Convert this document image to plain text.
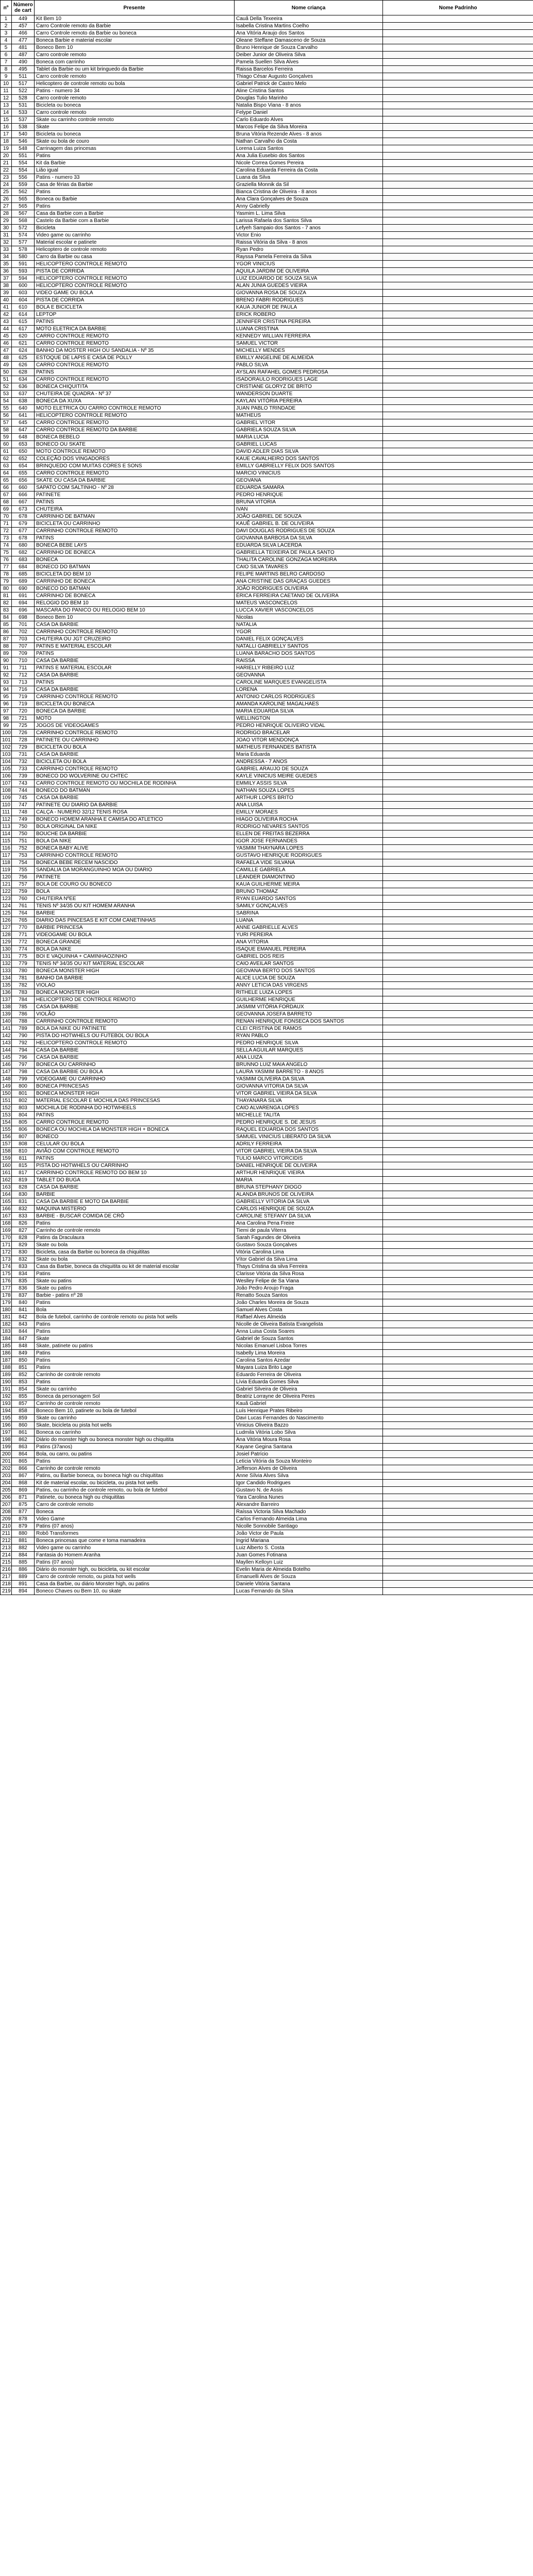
nº	Número de cart	Presente	Nome criança	Nome Padrinho
1	449	Kit Bem 10	Cauã Della Texeeira	
2	457	Carro Controle remoto da Barbie	Isabella Cristina Martins Coelho	
3	466	Carro Controle remoto da Barbie ou boneca	Ana Vitória Araujo dos Santos	
4	477	Boneca Barbie e material escolar	Oleane Steffane Damasceno de Souza	
5	481	Boneco Bem 10	Bruno Henrique de Souza Carvalho	
6	487	Carro controle remoto	Deiber Junior de Oliveira Silva	
7	490	Boneca com carrinho	Pamela Suellen Silva Alves	
8	495	Tablet da Barbie ou um kit bringuedo da Barbie	Raissa Barcelos Ferreira	
9	511	Carro controle remoto	Thiago César Augusto Gonçalves	
10	517	Helicoptero de controle remoto ou bola	Gabriel Patrick de Castro Melo	
11	522	Patins - numero 34	Aline Cristina Santos	
12	528	Carro controle remoto	Douglas Tulio Marinho	
13	531	Bicicleta ou boneca	Natalia Bispo Viana - 8 anos	
14	533	Carro controle remoto	Felype Daniel	
15	537	Skate ou carrinho controle remoto	Carlo Eduardo Alves	
16	538	Skate	Marcos Felipe da Silva Moreira	
17	540	Bicicleta ou boneca	Bruna Vitória Rezende Alves - 8 anos	
18	546	Skate ou bola de couro	Nathan Carvalho da Costa	
19	548	Carrinagem das princesas	Lorena Luiza Santos	
20	551	Patins	Ana Julia Eusebio dos Santos	
21	554	Kit da Barbie	Nicole Correa Gomes Pereira	
22	554	Lião igual	Carolina Eduarda Ferreira da Costa	
23	556	Patins - numero 33	Luana da Silva	
24	559	Casa de férias da Barbie	Graziella Monnik da Sil	
25	562	Patins	Bianca Cristina de Oliveira - 8 anos	
26	565	Boneca ou Barbie	Ana Clara Gonçalves de Souza	
27	565	Patins	Anny Gabrielly	
28	567	Casa da Barbie com a Barbie	Yasmim L. Lima Silva	
29	568	Castelo da Barbie com a Barbie	Larissa Rafaela dos Santos Silva	
30	572	Bicicleta	Lefyeh Sampaio dos Santos - 7 anos	
31	574	Video game ou carrinho	Victor Enio	
32	577	Material escolar e patinete	Raissa Vitória da Silva - 8 anos	
33	578	Helicoptero de controle remoto	Ryan Pedro	
34	580	Carro da Barbie ou casa	Rayssa Pamela Ferreira da Silva	
35	591	HELICOPTERO CONTROLE REMOTO	YGOR VINICIUS	
36	593	PISTA DE CORRIDA	AQUILA JARDIM DE OLIVEIRA	
37	594	HELICOPTERO CONTROLE REMOTO	LUIZ EDUARDO DE SOUZA SILVA	
38	600	HELICOPTERO CONTROLE REMOTO	ALAN JUNIA GUEDES VIEIRA	
39	603	VIDEO GAME OU BOLA	GIOVANNA ROSA DE SOUZA	
40	604	PISTA DE CORRIDA	BRENO FABRI RODRIGUES	
41	610	BOLA E BICICLETA	KAUA JUNIOR DE PAULA	
42	614	LEPTOP	ERICK ROBERO	
43	615	PATINS	JENNIFER CRISTINA PEREIRA	
44	617	MOTO ELETRICA DA BARBIE	LUANA CRISTINA	
45	620	CARRO CONTROLE REMOTO	KENNEDY WILLIAN FERREIRA	
46	621	CARRO CONTROLE REMOTO	SAMUEL VICTOR	
47	624	BANHO DA MOSTER HIGH OU SANDALIA - Nº 35	MICHELLY MENDES	
48	625	ESTOQUE DE LAPIS E CASA DE POLLY	EMILLY ANGELINE DE ALMEIDA	
49	626	CARRO CONTROLE REMOTO	PABLO SILVA	
50	628	PATINS	AYSLAN RAFAHEL GOMES PEDROSA	
51	634	CARRO CONTROLE REMOTO	ISADORAULO RODRIGUES LAGE	
52	636	BONECA CHIQUITITA	CRISTIANE GLORYZ DE BRITO	
53	637	CHUTEIRA DE QUADRA - Nº 37	WANDERSON DUARTE	
54	638	BONECA DA XUXA	KAYLAN VITÓRIA PEREIRA	
55	640	MOTO ELETRICA OU CARRO CONTROLE REMOTO	JUAN PABLO TRINDADE	
56	641	HELICOPTERO CONTROLE REMOTO	MATHEUS	
57	645	CARRO CONTROLE REMOTO	GABRIEL VITOR	
58	647	CARRO CONTROLE REMOTO DA BARBIE	GABRIELA SOUZA SILVA	
59	648	BONECA BEBELO	MARIA LUCIA	
60	653	BONECO OU SKATE	GABRIEL LUCAS	
61	650	MOTO CONTROLE REMOTO	DAVID ADLER DIAS SILVA	
62	652	COLEÇÃO DOS VINGADORES	KAUE CAVALHEIRO DOS SANTOS	
63	654	BRINQUEDO COM MUITAS CORES E SONS	EMILLY GABRIELLY FELIX DOS SANTOS	
64	655	CARRO CONTROLE REMOTO	MARCIO VINICIUS	
65	656	SKATE OU CASA DA BARBIE	GEOVANA	
66	660	SAPATO COM SALTINHO - Nº 28	EDUARDA SAMARA	
67	666	PATINETE	PEDRO HENRIQUE	
68	667	PATINS	BRUNA VITORIA	
69	673	CHUTEIRA	IVAN	
70	678	CARRINHO DE BATMAN	JOÃO GABRIEL DE SOUZA	
71	679	BICICLETA OU CARRINHO	KAUÊ GABRIEL B. DE OLIVEIRA	
72	677	CARRINHO CONTROLE REMOTO	DAVI DOUGLAS RODRIGUES DE SOUZA	
73	678	PATINS	GIOVANNA BARBOSA DA SILVA	
74	680	BONECA BEBE LAYS	EDUARDA SILVA LACERDA	
75	682	CARRINHO DE BONECA	GABRIELLA TEIXEIRA DE PAULA SANTO	
76	683	BONECA	THALITA CAROLINE GONZAGA MOREIRA	
77	684	BONECO DO BATMAN	CAIO SILVA TAVARES	
78	685	BICICLETA DO BEM 10	FELIPE MARTINS BELRO CARDOSO	
79	689	CARRINHO DE BONECA	ANA CRISTINE DAS GRAÇAS GUEDES	
80	690	BONECO DO BATMAN	JOÃO RODRIGUES OLIVEIRA	
81	691	CARRINHO DE BONECA	ÉRICA FERREIRA CAETANO DE OLIVEIRA	
82	694	RELOGIO DO BEM 10	MATEUS VASCONCELOS	
83	696	MASCARA DO PANICO OU RELOGIO BEM 10	LUCCA XAVIER VASCONCELOS	
84	698	Boneco Bem 10	Nicolas	
85	701	CASA DA BARBIE	NATALIA	
86	702	CARRINHO CONTROLE REMOTO	YGOR	
87	703	CHUTEIRA OU JGT CRUZEIRO	DANIEL FELIX GONÇALVES	
88	707	PATINS E MATERIAL ESCOLAR	NATALLI GABRIELLY SANTOS	
89	709	PATINS	LUANA BARACHO DOS SANTOS	
90	710	CASA DA BARBIE	RAISSA	
91	711	PATINS E MATERIAL ESCOLAR	HARIELLY RIBEIRO LUZ	
92	712	CASA DA BARBIE	GEOVANNA	
93	713	PATINS	CAROLINE MARQUES EVANGELISTA	
94	716	CASA DA BARBIE	LORENA	
95	719	CARRINHO CONTROLE REMOTO	ANTONIO CARLOS RODRIGUES	
96	719	BICICLETA OU BONECA	AMANDA KAROLINE MAGALHAES	
97	720	BONECA DA BARBIE	MARIA EDUARDA SILVA	
98	721	MOTO	WELLINGTON	
99	725	JOGOS DE VIDEOGAMES	PEDRO HENRIQUE OLIVEIRO VIDAL	
100	726	CARRINHO CONTROLE REMOTO	RODRIGO BRACELAR	
101	728	PATINETE OU CARRINHO	JOAO VITOR MENDONÇA	
102	729	BICICLETA OU BOLA	MATHEUS FERNANDES BATISTA	
103	731	CASA DA BARBIE	Maria Eduarda	
104	732	BICICLETA OU BOLA	ANDRESSA - 7 ANOS	
105	733	CARRINHO CONTROLE REMOTO	GABRIEL ARAUJO DE SOUZA	
106	739	BONECO DO WOLVERINE OU CHTEC	KAYLE VINICIUS MEIRE GUEDES	
107	743	CARRO CONTROLE REMOTO OU MOCHILA DE RODINHA	EMMILY ASSIS SILVA	
108	744	BONECO DO BATMAN	NATHAN SOUZA LOPES	
109	745	CASA DA BARBIE	ARTHUR LOPES BRITO	
110	747	PATINETE OU DIARIO DA BARBIE	ANA LUISA	
111	748	CALÇA - NUMERO 32/12 TENIS ROSA	EMILLY MORAES	
112	749	BONECO HOMEM ARANHA E CAMISA DO ATLETICO	HIAGO OLIVEIRA ROCHA	
113	750	BOLA ORIGINAL DA NIKE	RODRIGO NEVARES SANTOS	
114	750	BOUCHE DA BARBIE	ELLEN DE FREITAS BEZERRA	
115	751	BOLA DA NIKE	IGOR JOSE FERNANDES	
116	752	BONECA BABY ALIVE	YASMIM THAYNARA LOPES	
117	753	CARRINHO CONTROLE REMOTO	GUSTAVO HENRIQUE RODRIGUES	
118	754	BONECA BEBE RECEM NASCIDO	RAFAELA VIDE SILVANA	
119	755	SANDALIA DA MORANGUINHO MOA OU DIARIO	CAMILLE GABRIELA	
120	756	PATINETE	LEANDER DIAMONTINO	
121	757	BOLA DE COURO OU BONECO	KAUA GUILHERME MEIRA	
122	759	BOLA	BRUNO THOMAZ	
123	760	CHUTEIRA NºEE	RYAN EUARDO SANTOS	
124	761	TENIS Nº 34/35 OU KIT HOMEM ARANHA	SAMILY GONÇALVES	
125	764	BARBIE	SABRINA	
126	765	DIARIO DAS PINCESAS E KIT COM CANETINHAS	LUANA	
127	770	BARBIE PRINCESA	ANNE GABRIELLE ALVES	
128	771	VIDEOGAME OU BOLA	YURI PEREIRA	
129	772	BONECA GRANDE	ANA VITORIA	
130	774	BOLA DA NIKE	ISAQUE EMANUEL PEREIRA	
131	775	BOI E VAQUINHA + CAMINHAOZINHO	GABRIEL DOS REIS	
132	779	TENIS Nº 34/35 OU KIT MATERIAL ESCOLAR	CAIO AVEILAR SANTOS	
133	780	BONECA MONSTER HIGH	GEOVANA BERTO DOS SANTOS	
134	781	BANHO DA BARBIE	ALICE LUCIA DE SOUZA	
135	782	VIOLAO	ANNY LETICIA DAS VIRGENS	
136	783	BONECA MONSTER HIGH	RITHELE LUIZA LOPES	
137	784	HELICOPTERO DE CONTROLE REMOTO	GUILHERME HENRIQUE	
138	785	CASA DA BARBIE	JASMIM VITÓRIA FORDAUX	
139	786	VIOLÃO	GEOVANNA JOSEFA BARRETO	
140	788	CARRINHO CONTROLE REMOTO	RENAN HENRIQUE FONSECA DOS SANTOS	
141	789	BOLA DA NIKE OU PATINETE	CLEI CRISTINA DE RAMOS	
142	790	PISTA DO HOTWHELS OU FUTEBOL OU BOLA	RYAN PABLO	
143	792	HELICOPTERO CONTROLE REMOTO	PEDRO HENRIQUE SILVA	
144	794	CASA DA BARBIE	SELLA AGUILAR MARQUES	
145	796	CASA DA BARBIE	ANA LUIZA	
146	797	BONECA OU CARRINHO	BRUNNO LUIZ MAIA ANGELO	
147	798	CASA DA BARBIE OU BOLA	LAURA YASMIM BARRETO - 8 ANOS	
148	799	VIDEOGAME OU CARRINHO	YASMIM OLIVEIRA DA SILVA	
149	800	BONECA PRINCESAS	GIOVANNA VITORIA DA SILVA	
150	801	BONECA MONSTER HIGH	VITOR GABRIEL VIEIRA DA SILVA	
151	802	MATERIAL ESCOLAR E MOCHILA DAS PRINCESAS	THAYANARA SILVA	
152	803	MOCHILA DE RODINHA DO HOTWHEELS	CAIO ALVARENGA LOPES	
153	804	PATINS	MICHELLE TALITA	
154	805	CARRO CONTROLE REMOTO	PEDRO HENRIQUE S. DE JESUS	
155	806	BONECA OU MOCHILA DA MONSTER HIGH + BONECA	RAQUEL EDUARDA DOS SANTOS	
156	807	BONECO	SAMUEL VINICIUS LIBERATO DA SILVA	
157	808	CELULAR OU BOLA	ADRILY FERREIRA	
158	810	AVIÃO COM CONTROLE REMOTO	VITOR GABRIEL VIEIRA DA SILVA	
159	811	PATINS	TULIO MARCO VITORCIDIS	
160	815	PISTA DO HOTWHELS OU CARRINHO	DANIEL HENRIQUE DE OLIVEIRA	
161	817	CARRINHO CONTROLE REMOTO DO BEM 10	ARTHUR HENRIQUE VIEIRA	
162	819	TABLET DO BUGA	MARIA	
163	828	CASA DA BARBIE	BRUNA STEPHANY DIOGO	
164	830	BARBIE	ALANDA BRUNOS DE OLIVEIRA	
165	831	CASA DA BARBIE E MOTO DA BARBIE	GABRIELLY VITORIA DA SILVA	
166	832	MAQUINA MISTERIO	CARLOS HENRIQUE DE SOUZA	
167	833	BARBIE - BUSCAR COMIDA DE CRÔ	CAROLINE STEFANY DA SILVA	
168	826	Patins	Ana Carolina Pena Freire	
169	827	Carrinho de controle remoto	Tiemi de paula Viterra	
170	828	Patins da Draculaura	Sarah Fagundes de Oliveira	
171	829	Skate ou bola	Gustavo Souza Gonçalves	
172	830	Bicicleta, casa da Barbie ou boneca da chiquititas	Vitória Carolina Lima	
173	832	Skate ou bola	Vítor Gabriel da Silva Lima	
174	833	Casa da Barbie, boneca da chiquitita ou kit de material escolar	Thays Cristina da silva Ferreira	
175	834	Patins	Clarisse Vitória da Silva Rosa	
176	835	Skate ou patins	Weslley Felipe de Sa Viana	
177	836	Skate ou patins	João Pedro Aroujo Fraga	
178	837	Barbie - patins nº 28	Renatto Souza Santos	
179	840	Patins	João Charles Moreira de Souza	
180	841	Bola	Samuel Alves Costa	
181	842	Bola de futebol, carrinho de controle remoto ou pista hot wells	Raffael Alves Almeida	
182	843	Patins	Nicolle de Oliveira Batista Evangelista	
183	844	Patins	Anna Luisa Costa Soares	
184	847	Skate	Gabriel de Souza Santos	
185	848	Skate, patinete ou patins	Nicolas Emanuel Lisboa Torres	
186	849	Patins	Isabelly Lima Moreira	
187	850	Patins	Carolina Santos Azedar	
188	851	Patins	Mayara Luiza Brito Lage	
189	852	Carrinho de controle remoto	Eduardo Ferreira de Oliveira	
190	853	Patins	Lívia Eduarda Gomes Silva	
191	854	Skate ou carrinho	Gabriel Silveira de Oliveira	
192	855	Boneca da personagem Sol	Beatriz Lorrayne de Oliveira Peres	
193	857	Carrinho de controle remoto	Kauã Gabriel	
194	858	Boneco Bem 10, patinete ou bola de futebol	Luís Henrique Prates Ribeiro	
195	859	Skate ou carrinho	Davi Lucas Fernandes do Nascimento	
196	860	Skate, bicicleta ou pista hot wells	Vinicius Oliveira Bazzo	
197	861	Boneca ou carrinho	Ludmila Vitória Lobo Silva	
198	862	Diário do monster high ou boneca monster high ou chiquitita	Ana Vitória Moura Rosa	
199	863	Patins (37anos)	Kayane Gegina Santana	
200	864	Bola, ou carro, ou patins	Josiel Patrício	
201	865	Patins	Leticia Vitória da Souza Monteiro	
202	866	Carrinho de controle remoto	Jefferson Alves de Oliveira	
203	867	Patins, ou Barbie boneca, ou boneca high ou chiquititas	Anne Sílvia Alves Silva	
204	868	Kit de material escolar, ou bicicleta, ou pista hot wells	Igor Candido Rodrigues	
205	869	Patins, ou carrinho de controle remoto, ou bola de futebol	Gustavo N. de Assis	
206	871	Patinete, ou boneca high ou chiquititas	Yara Carolina Nunes	
207	875	Carro de controle remoto	Alexandre Barreiro	
208	877	Boneca	Raíssa Victoria Silva Machado	
209	878	Video Game	Carlos Fernando Almeida Lima	
210	879	Patins (07 anos)	Nicolle Sonnobile Santiago	
211	880	Robô Transformes	João Victor de Paula	
212	881	Boneca princesas que come e toma mamadeira	Ingrid Mariana	
213	882	Video game ou carrinho	Luiz Alberto S. Costa	
214	884	Fantasia do Homem Aranha	Juan Gomes Fotinana	
215	885	Patins (07 anos)	Mayllen Kelloyn Luiz	
216	886	Diário do monster high, ou bicicleta, ou kit escolar	Evelin Maria de Almeida Botelho	
217	889	Carro de controle remoto, ou pista hot wells	Emanuelli Alves de Souza	
218	891	Casa da Barbie, ou diário Monster high, ou patins	Daniele Vitória Santana	
219	894	Boneco Chaves ou Bem 10, ou skate	Lucas Fernando da Silva	
